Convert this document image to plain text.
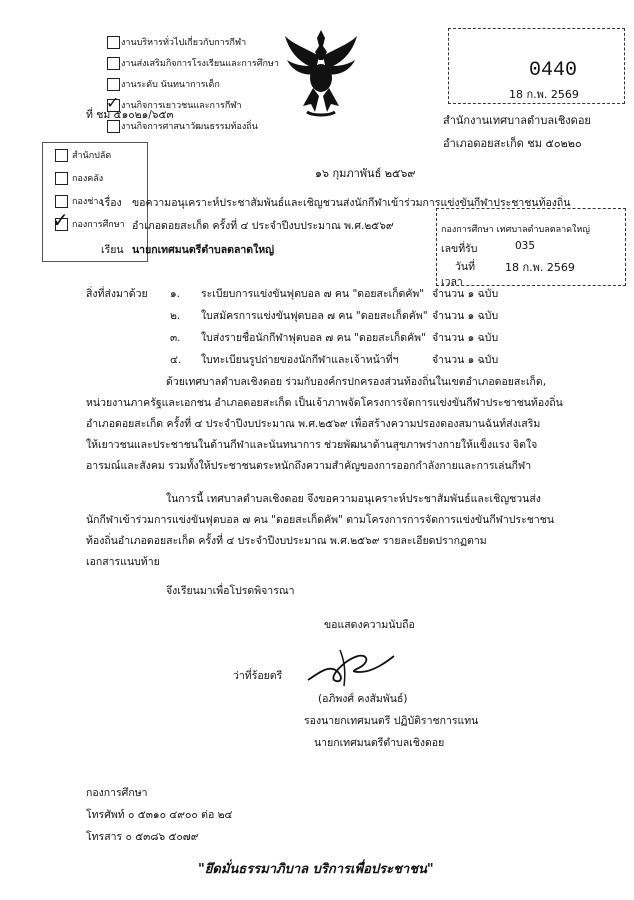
งานบริหารทั่วไปเกี่ยวกับการกีฬา
งานส่งเสริมกิจการโรงเรียนและการศึกษา
งานระดับ นันทนาการเด็ก
✓ งานกิจการเยาวชนและการกีฬา
งานกิจการศาสนาวัฒนธรรมท้องถิ่น
ที่ ชม ๕๑๐๒๑/๖๕๓
0440
18 ก.พ. 2569
สำนักงานเทศบาลตำบลเชิงดอย
อำเภอดอยสะเก็ด ชม ๕๐๒๒๐
สำนักปลัด
กองคลัง
กองช่าง
✓ กองการศึกษา
๑๖ กุมภาพันธ์ ๒๕๖๙
เรื่อง ขอความอนุเคราะห์ประชาสัมพันธ์และเชิญชวนส่งนักกีฬาเข้าร่วมการแข่งขันกีฬาประชาชนท้องถิ่น
อำเภอดอยสะเก็ด ครั้งที่ ๔ ประจำปีงบประมาณ พ.ศ.๒๕๖๙
เรียน นายกเทศมนตรีตำบลตลาดใหญ่
กองการศึกษา เทศบาลตำบลตลาดใหญ่
เลขที่รับ	035
วันที่	18 ก.พ. 2569
เวลา
สิ่งที่ส่งมาด้วย ๑. ระเบียบการแข่งขันฟุตบอล ๗ คน "ดอยสะเก็ดคัพ" จำนวน ๑ ฉบับ
๒. ใบสมัครการแข่งขันฟุตบอล ๗ คน "ดอยสะเก็ดคัพ" จำนวน ๑ ฉบับ
๓. ใบส่งรายชื่อนักกีฬาฟุตบอล ๗ คน "ดอยสะเก็ดคัพ" จำนวน ๑ ฉบับ
๔. ใบทะเบียนรูปถ่ายของนักกีฬาและเจ้าหน้าที่ฯ	จำนวน ๑ ฉบับ
ด้วยเทศบาลตำบลเชิงดอย ร่วมกับองค์กรปกครองส่วนท้องถิ่นในเขตอำเภอดอยสะเก็ด,
หน่วยงานภาครัฐและเอกชน อำเภอดอยสะเก็ด เป็นเจ้าภาพจัดโครงการจัดการแข่งขันกีฬาประชาชนท้องถิ่น
อำเภอดอยสะเก็ด ครั้งที่ ๔ ประจำปีงบประมาณ พ.ศ.๒๕๖๙ เพื่อสร้างความปรองดองสมานฉันท์ส่งเสริม
ให้เยาวชนและประชาชนในด้านกีฬาและนันทนาการ ช่วยพัฒนาด้านสุขภาพร่างกายให้แข็งแรง จิตใจ
อารมณ์และสังคม รวมทั้งให้ประชาชนตระหนักถึงความสำคัญของการออกกำลังกายและการเล่นกีฬา
ในการนี้ เทศบาลตำบลเชิงดอย จึงขอความอนุเคราะห์ประชาสัมพันธ์และเชิญชวนส่ง
นักกีฬาเข้าร่วมการแข่งขันฟุตบอล ๗ คน "ดอยสะเก็ดคัพ" ตามโครงการการจัดการแข่งขันกีฬาประชาชน
ท้องถิ่นอำเภอดอยสะเก็ด ครั้งที่ ๔ ประจำปีงบประมาณ พ.ศ.๒๕๖๙ รายละเอียดปรากฏตาม
เอกสารแนบท้าย
จึงเรียนมาเพื่อโปรดพิจารณา
ขอแสดงความนับถือ
ว่าที่ร้อยตรี
(อภิพงศ์ คงสัมพันธ์)
รองนายกเทศมนตรี ปฏิบัติราชการแทน
นายกเทศมนตรีตำบลเชิงดอย
กองการศึกษา
โทรศัพท์ ๐ ๕๓๑๐ ๔๙๐๐ ต่อ ๒๔
โทรสาร ๐ ๕๓๘๖ ๕๐๗๙
"ยึดมั่นธรรมาภิบาล บริการเพื่อประชาชน"
